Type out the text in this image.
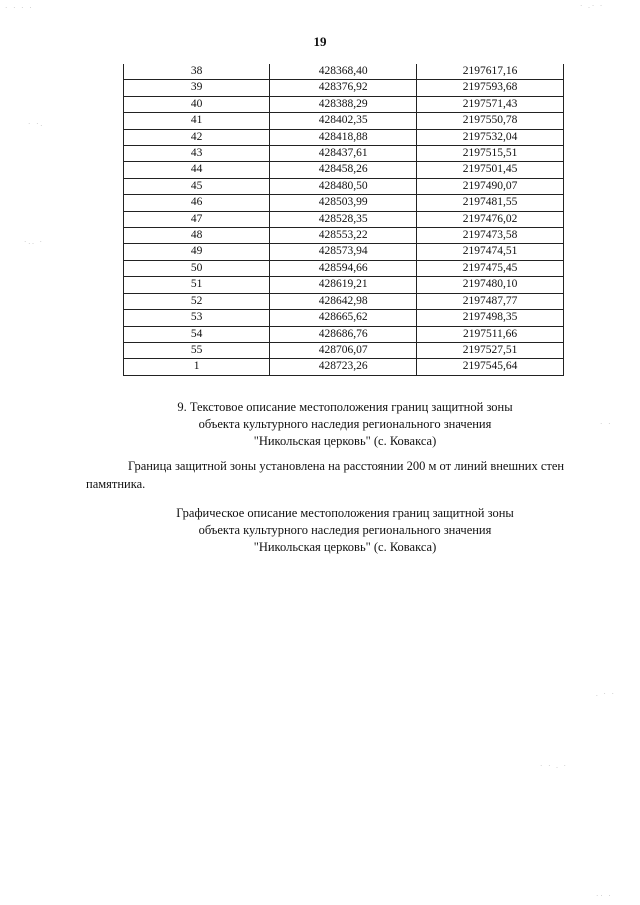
19
38	428368,40	2197617,16
39	428376,92	2197593,68
40	428388,29	2197571,43
41	428402,35	2197550,78
42	428418,88	2197532,04
43	428437,61	2197515,51
44	428458,26	2197501,45
45	428480,50	2197490,07
46	428503,99	2197481,55
47	428528,35	2197476,02
48	428553,22	2197473,58
49	428573,94	2197474,51
50	428594,66	2197475,45
51	428619,21	2197480,10
52	428642,98	2197487,77
53	428665,62	2197498,35
54	428686,76	2197511,66
55	428706,07	2197527,51
1	428723,26	2197545,64
9. Текстовое описание местоположения границ защитной зоны
объекта культурного наследия регионального значения
"Никольская церковь" (с. Ковакса)
Граница защитной зоны установлена на расстоянии 200 м от линий внешних стен
памятника.
Графическое описание местоположения границ защитной зоны
объекта культурного наследия регионального значения
"Никольская церковь" (с. Ковакса)
· · · ·	· .· ·
· ·.
·.. ·
· ·
. · ·
· · . ·
·· ·
